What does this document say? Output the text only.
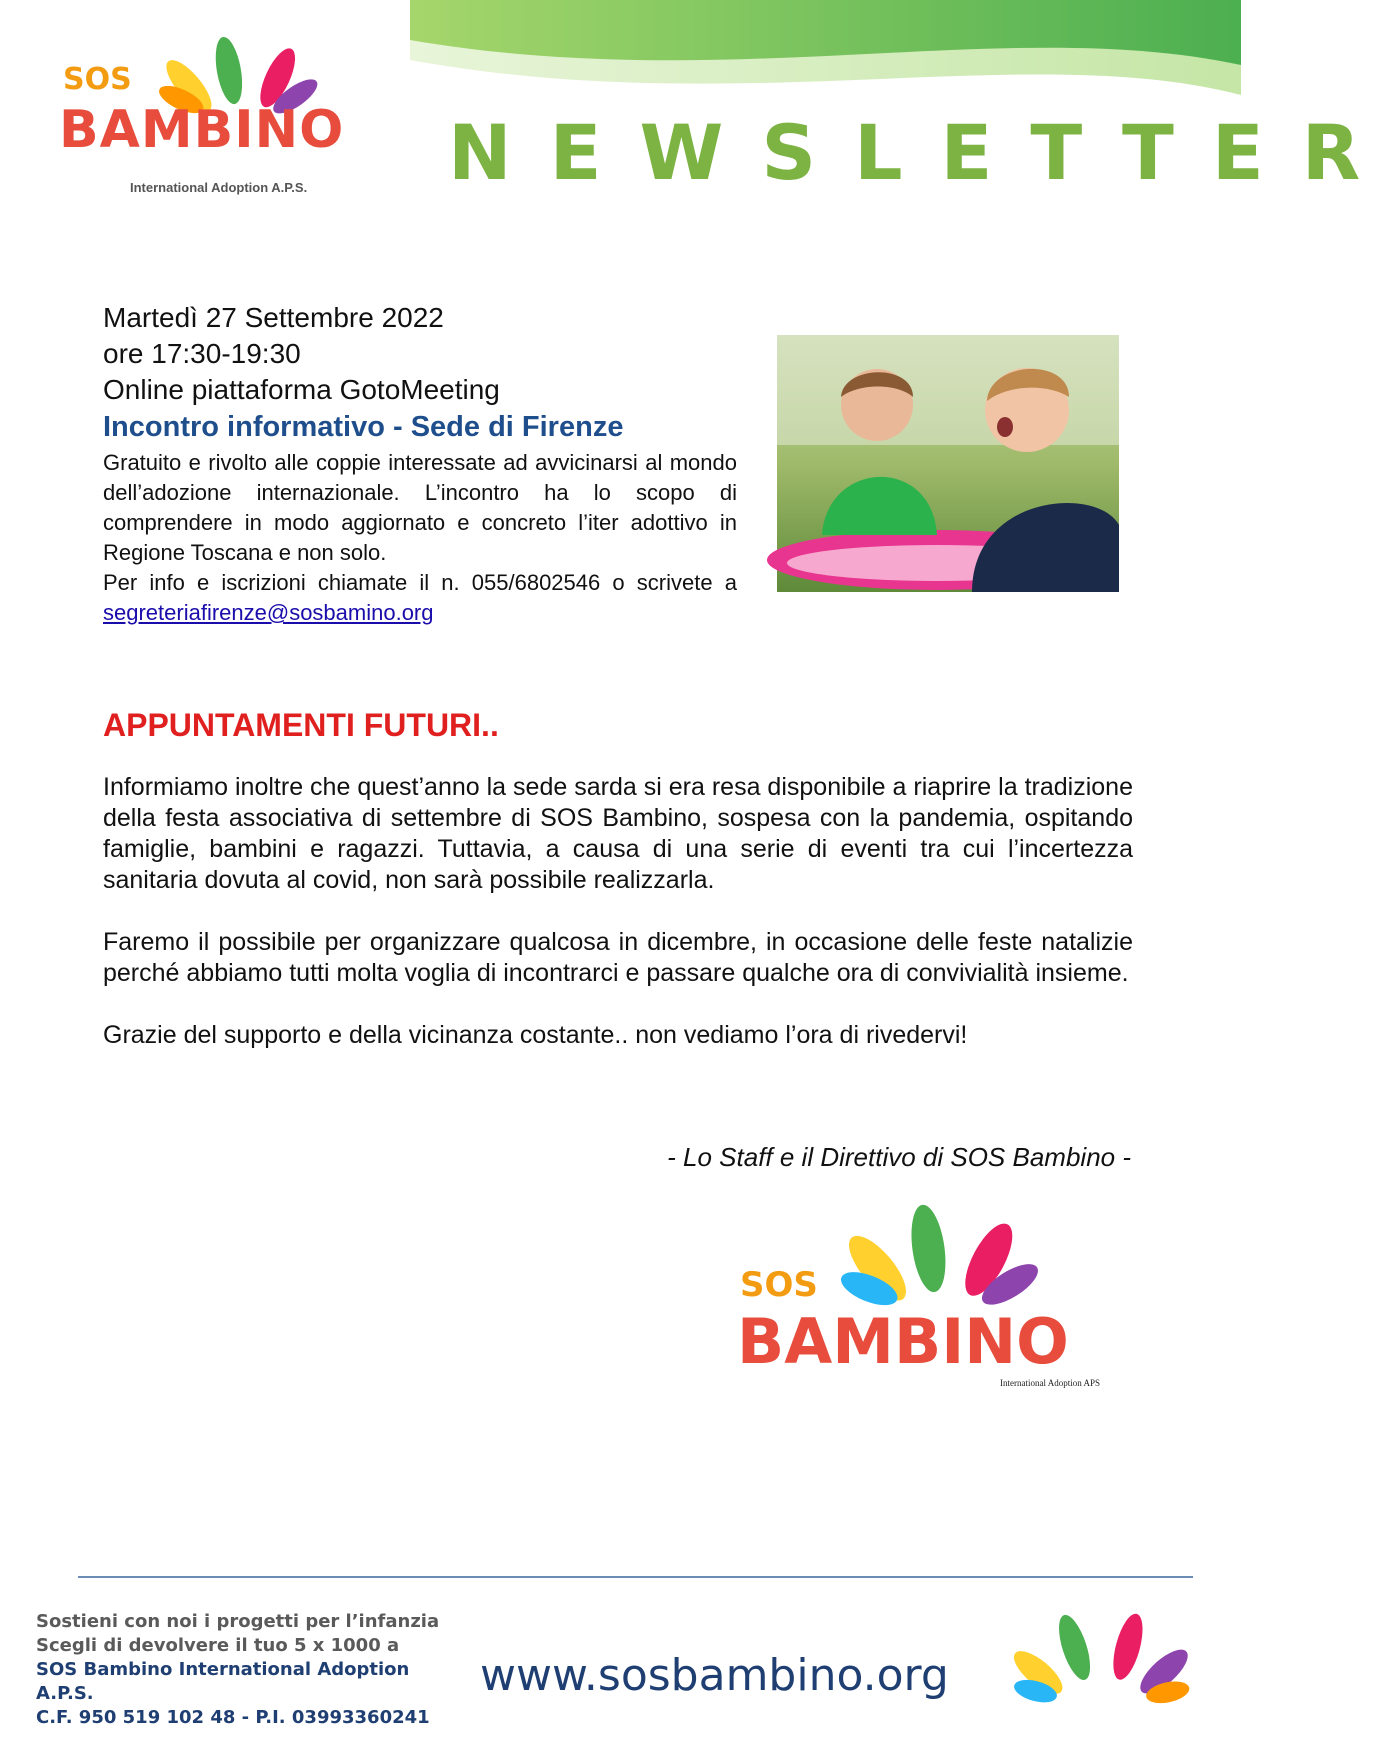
SOS
BAMBINO
International Adoption A.P.S. NEWSLETTER
Martedì 27 Settembre 2022
ore 17:30-19:30
Online piattaforma GotoMeeting
Incontro informativo - Sede di Firenze

Gratuito e rivolto alle coppie interessate ad avvicinarsi al mondo dell’adozione internazionale. L’incontro ha lo scopo di comprendere in modo aggiornato e concreto l’iter adottivo in Regione Toscana e non solo.

Per info e iscrizioni chiamate il n. 055/6802546 o scrivete a segreteriafirenze@sosbamino.org
APPUNTAMENTI FUTURI..

Informiamo inoltre che quest’anno la sede sarda si era resa disponibile a riaprire la tradizione della festa associativa di settembre di SOS Bambino, sospesa con la pandemia, ospitando famiglie, bambini e ragazzi. Tuttavia, a causa di una serie di eventi tra cui l’incertezza sanitaria dovuta al covid, non sarà possibile realizzarla.

Faremo il possibile per organizzare qualcosa in dicembre, in occasione delle feste natalizie perché abbiamo tutti molta voglia di incontrarci e passare qualche ora di convivialità insieme.

Grazie del supporto e della vicinanza costante.. non vediamo l’ora di rivedervi!

- Lo Staff e il Direttivo di SOS Bambino -
SOS
BAMBINO
International Adoption APS
Sostieni con noi i progetti per l’infanzia
Scegli di devolvere il tuo 5 x 1000 a
SOS Bambino International Adoption A.P.S.
C.F. 950 519 102 48 - P.I. 03993360241
www.sosbambino.org
